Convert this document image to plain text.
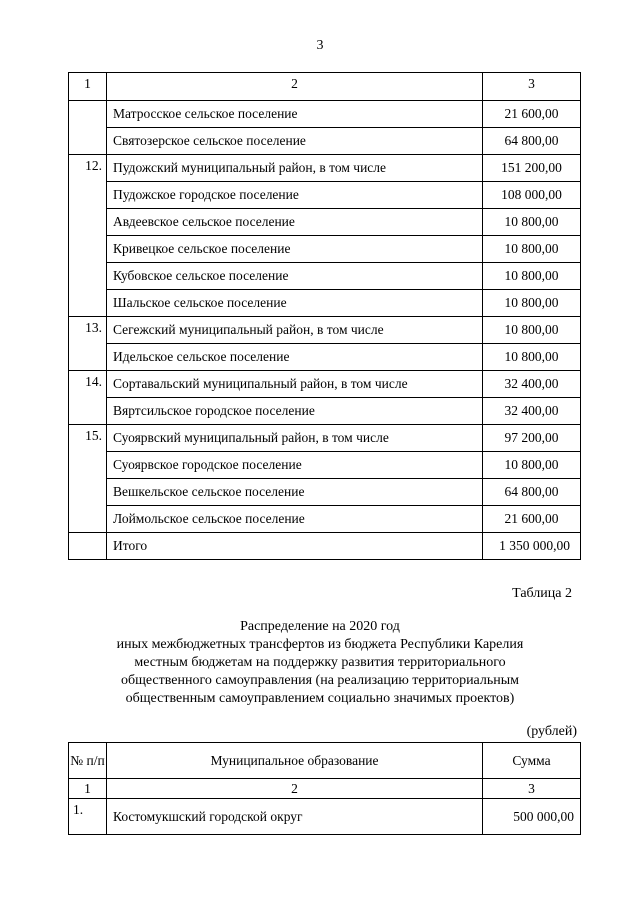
3
1	2	3
	Матросское сельское поселение	21 600,00
	Святозерское сельское поселение	64 800,00
12.	Пудожский муниципальный район, в том числе	151 200,00
	Пудожское городское поселение	108 000,00
	Авдеевское сельское поселение	10 800,00
	Кривецкое сельское поселение	10 800,00
	Кубовское сельское поселение	10 800,00
	Шальское сельское поселение	10 800,00
13.	Сегежский муниципальный район, в том числе	10 800,00
	Идельское сельское поселение	10 800,00
14.	Сортавальский муниципальный район, в том числе	32 400,00
	Вяртсильское городское поселение	32 400,00
15.	Суоярвский муниципальный район, в том числе	97 200,00
	Суоярвское городское поселение	10 800,00
	Вешкельское сельское поселение	64 800,00
	Лоймольское сельское поселение	21 600,00
	Итого	1 350 000,00
Таблица 2
Распределение на 2020 год
иных межбюджетных трансфертов из бюджета Республики Карелия
местным бюджетам на поддержку развития территориального
общественного самоуправления (на реализацию территориальным
общественным самоуправлением социально значимых проектов)
(рублей)
№ п/п	Муниципальное образование	Сумма
1	2	3
1.	Костомукшский городской округ	500 000,00
